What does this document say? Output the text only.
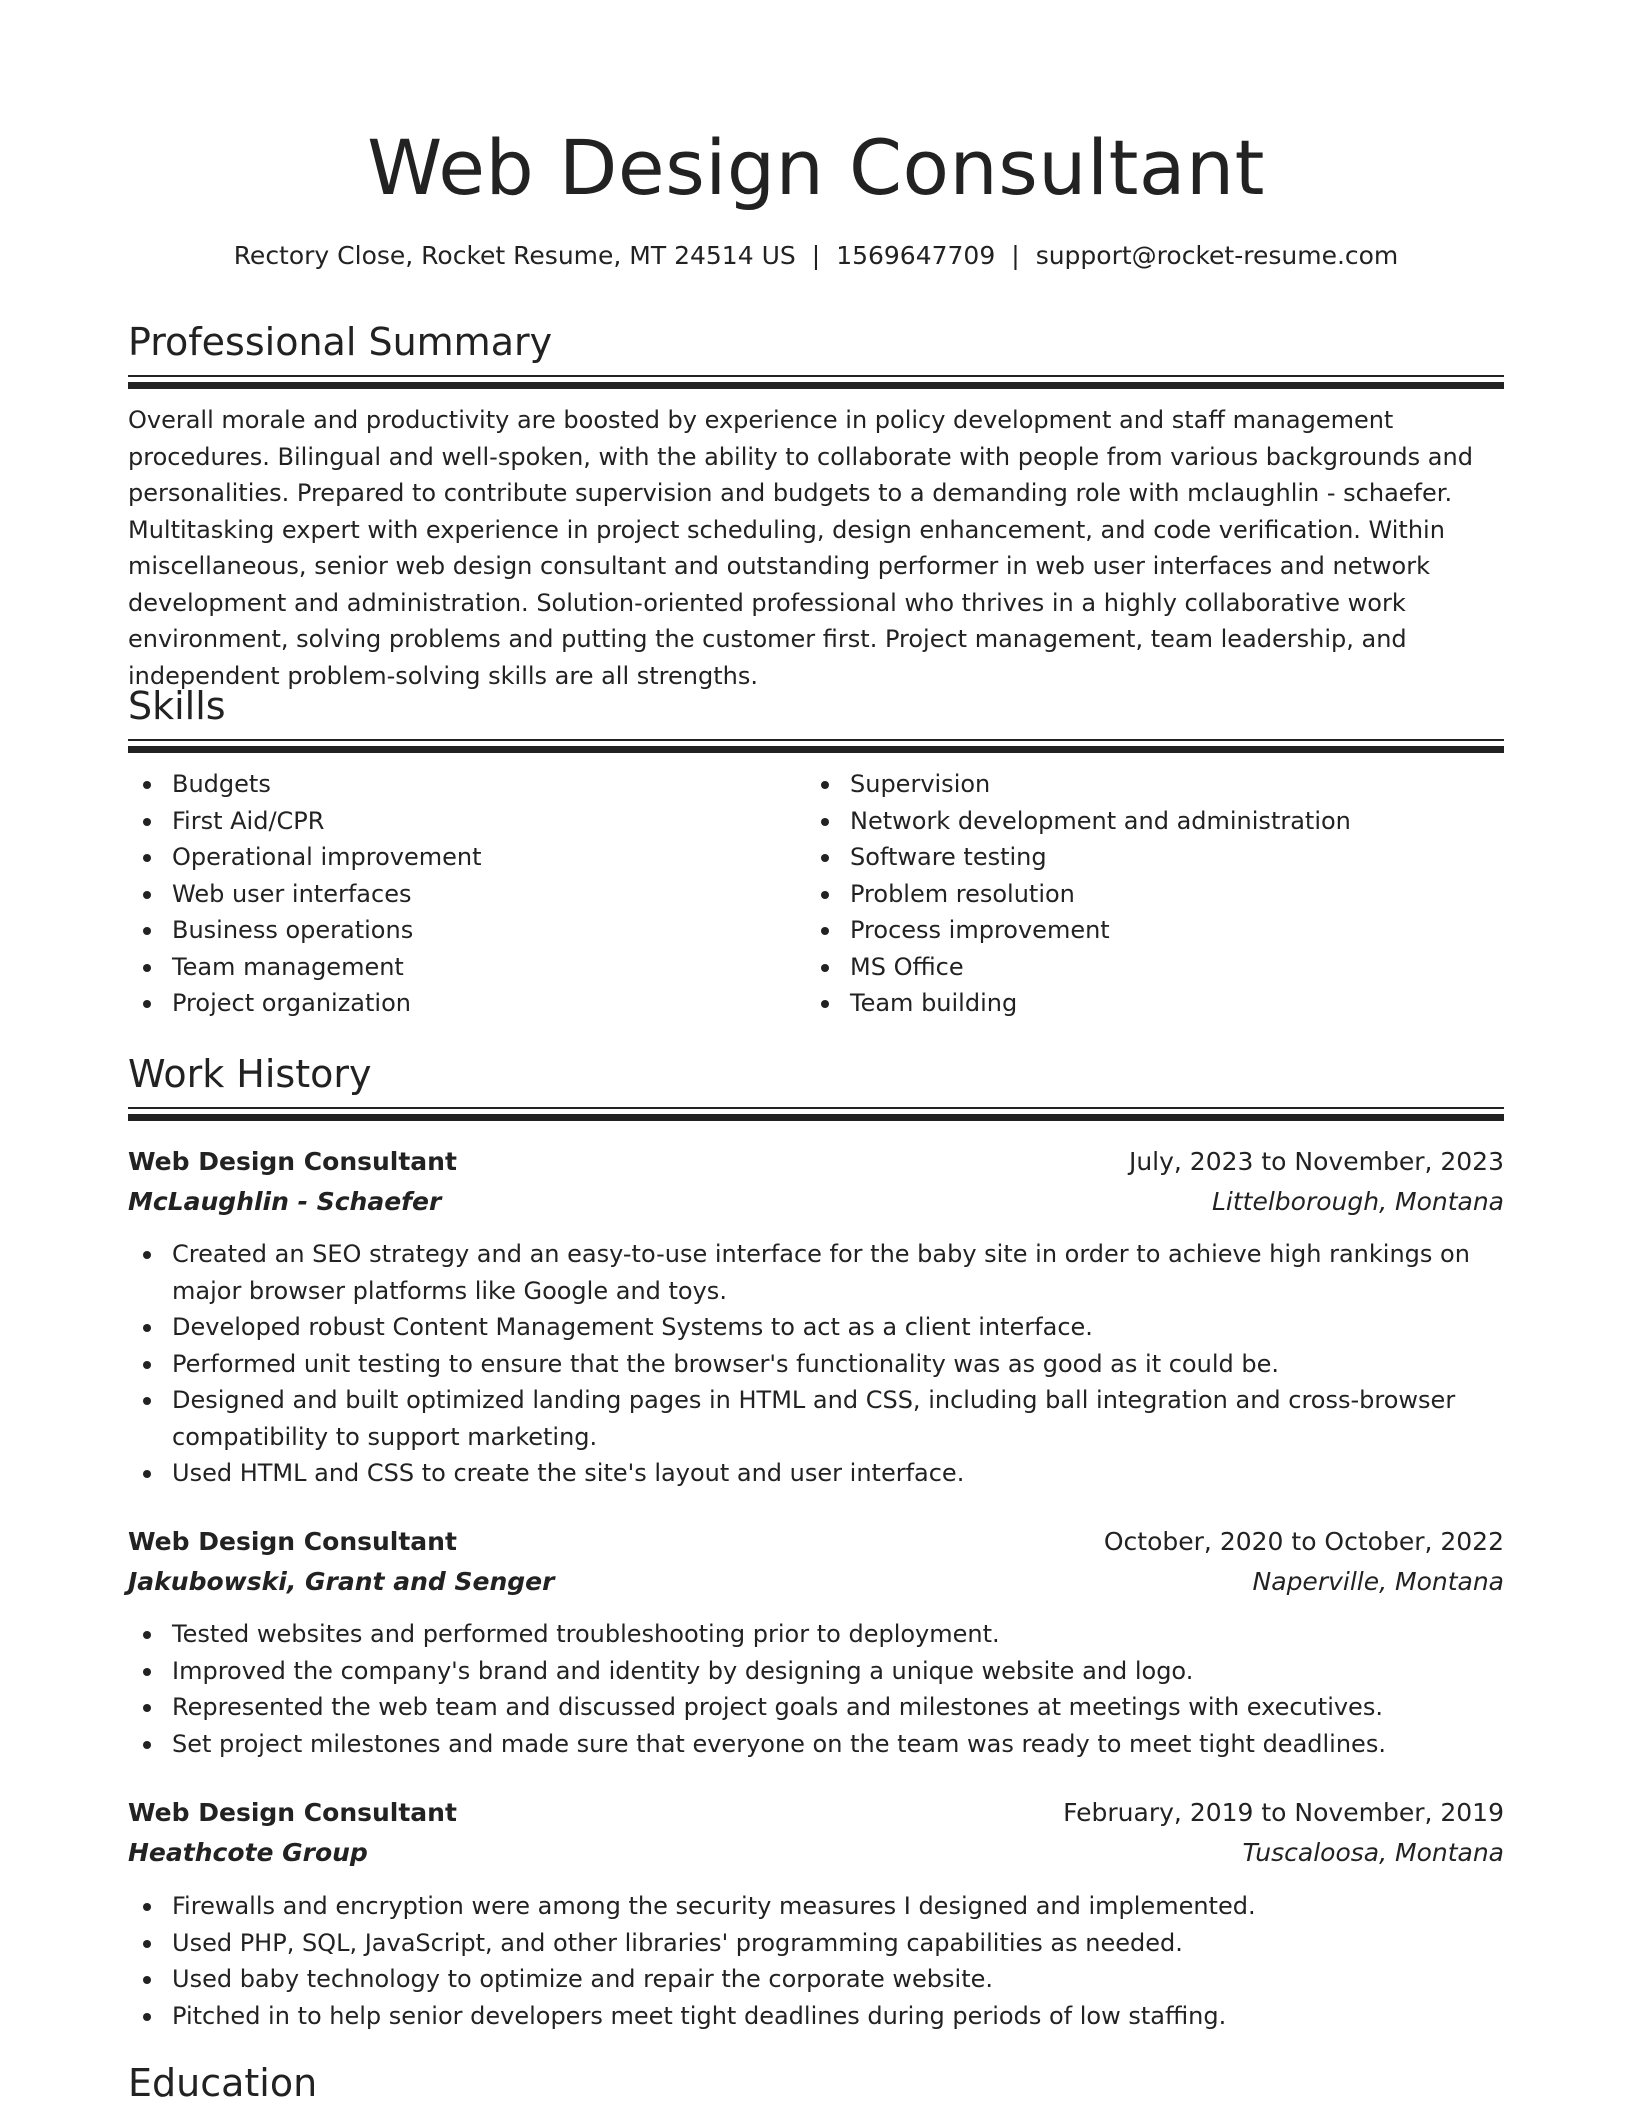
Web Design Consultant
Rectory Close, Rocket Resume, MT 24514 US | 1569647709 | support@rocket-resume.com
Professional Summary
Overall morale and productivity are boosted by experience in policy development and staff management procedures. Bilingual and well-spoken, with the ability to collaborate with people from various backgrounds and personalities. Prepared to contribute supervision and budgets to a demanding role with mclaughlin - schaefer. Multitasking expert with experience in project scheduling, design enhancement, and code verification. Within miscellaneous, senior web design consultant and outstanding performer in web user interfaces and network development and administration. Solution-oriented professional who thrives in a highly collaborative work environment, solving problems and putting the customer first. Project management, team leadership, and independent problem-solving skills are all strengths.
Skills
Budgets
First Aid/CPR
Operational improvement
Web user interfaces
Business operations
Team management
Project organization
Supervision
Network development and administration
Software testing
Problem resolution
Process improvement
MS Office
Team building
Work History
Web Design Consultant	July, 2023 to November, 2023
McLaughlin - Schaefer	Littelborough, Montana
Created an SEO strategy and an easy-to-use interface for the baby site in order to achieve high rankings on major browser platforms like Google and toys.
Developed robust Content Management Systems to act as a client interface.
Performed unit testing to ensure that the browser's functionality was as good as it could be.
Designed and built optimized landing pages in HTML and CSS, including ball integration and cross-browser compatibility to support marketing.
Used HTML and CSS to create the site's layout and user interface.
Web Design Consultant	October, 2020 to October, 2022
Jakubowski, Grant and Senger	Naperville, Montana
Tested websites and performed troubleshooting prior to deployment.
Improved the company's brand and identity by designing a unique website and logo.
Represented the web team and discussed project goals and milestones at meetings with executives.
Set project milestones and made sure that everyone on the team was ready to meet tight deadlines.
Web Design Consultant	February, 2019 to November, 2019
Heathcote Group	Tuscaloosa, Montana
Firewalls and encryption were among the security measures I designed and implemented.
Used PHP, SQL, JavaScript, and other libraries' programming capabilities as needed.
Used baby technology to optimize and repair the corporate website.
Pitched in to help senior developers meet tight deadlines during periods of low staffing.
Education
